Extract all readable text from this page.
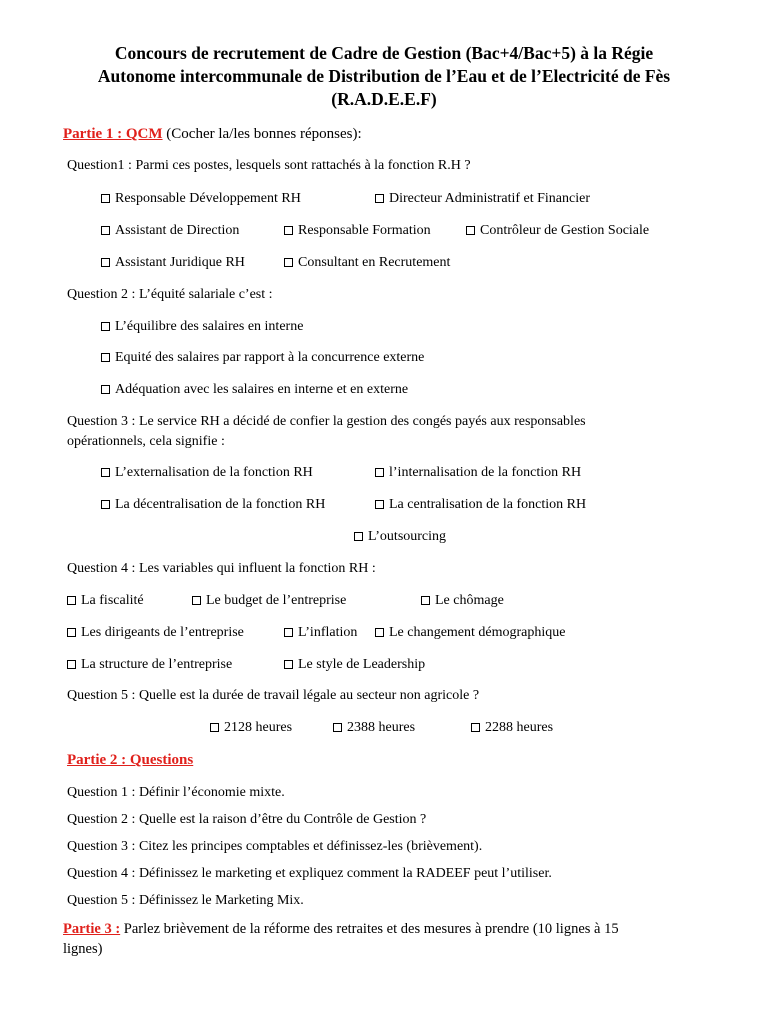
Concours de recrutement de Cadre de Gestion (Bac+4/Bac+5) à la Régie
Autonome intercommunale de Distribution de l’Eau et de l’Electricité de Fès
(R.A.D.E.E.F)
Partie 1 : QCM (Cocher la/les bonnes réponses):
Question1 : Parmi ces postes, lesquels sont rattachés à la fonction R.H ?
Responsable Développement RH	Directeur Administratif et Financier
Assistant de Direction	Responsable Formation	Contrôleur de Gestion Sociale
Assistant Juridique RH	Consultant en Recrutement
Question 2 : L’équité salariale c’est :
L’équilibre des salaires en interne
Equité des salaires par rapport à la concurrence externe
Adéquation avec les salaires en interne et en externe
Question 3 : Le service RH a décidé de confier la gestion des congés payés aux responsables
opérationnels, cela signifie :
L’externalisation de la fonction RH	l’internalisation de la fonction RH
La décentralisation de la fonction RH	La centralisation de la fonction RH
L’outsourcing
Question 4 : Les variables qui influent la fonction RH :
La fiscalité	Le budget de l’entreprise	Le chômage
Les dirigeants de l’entreprise	L’inflation	Le changement démographique
La structure de l’entreprise	Le style de Leadership
Question 5 : Quelle est la durée de travail légale au secteur non agricole ?
2128 heures	2388 heures	2288 heures
Partie 2 : Questions
Question 1 : Définir l’économie mixte.
Question 2 : Quelle est la raison d’être du Contrôle de Gestion ?
Question 3 : Citez les principes comptables et définissez-les (brièvement).
Question 4 : Définissez le marketing et expliquez comment la RADEEF peut l’utiliser.
Question 5 : Définissez le Marketing Mix.
Partie 3 : Parlez brièvement de la réforme des retraites et des mesures à prendre (10 lignes à 15
lignes)
